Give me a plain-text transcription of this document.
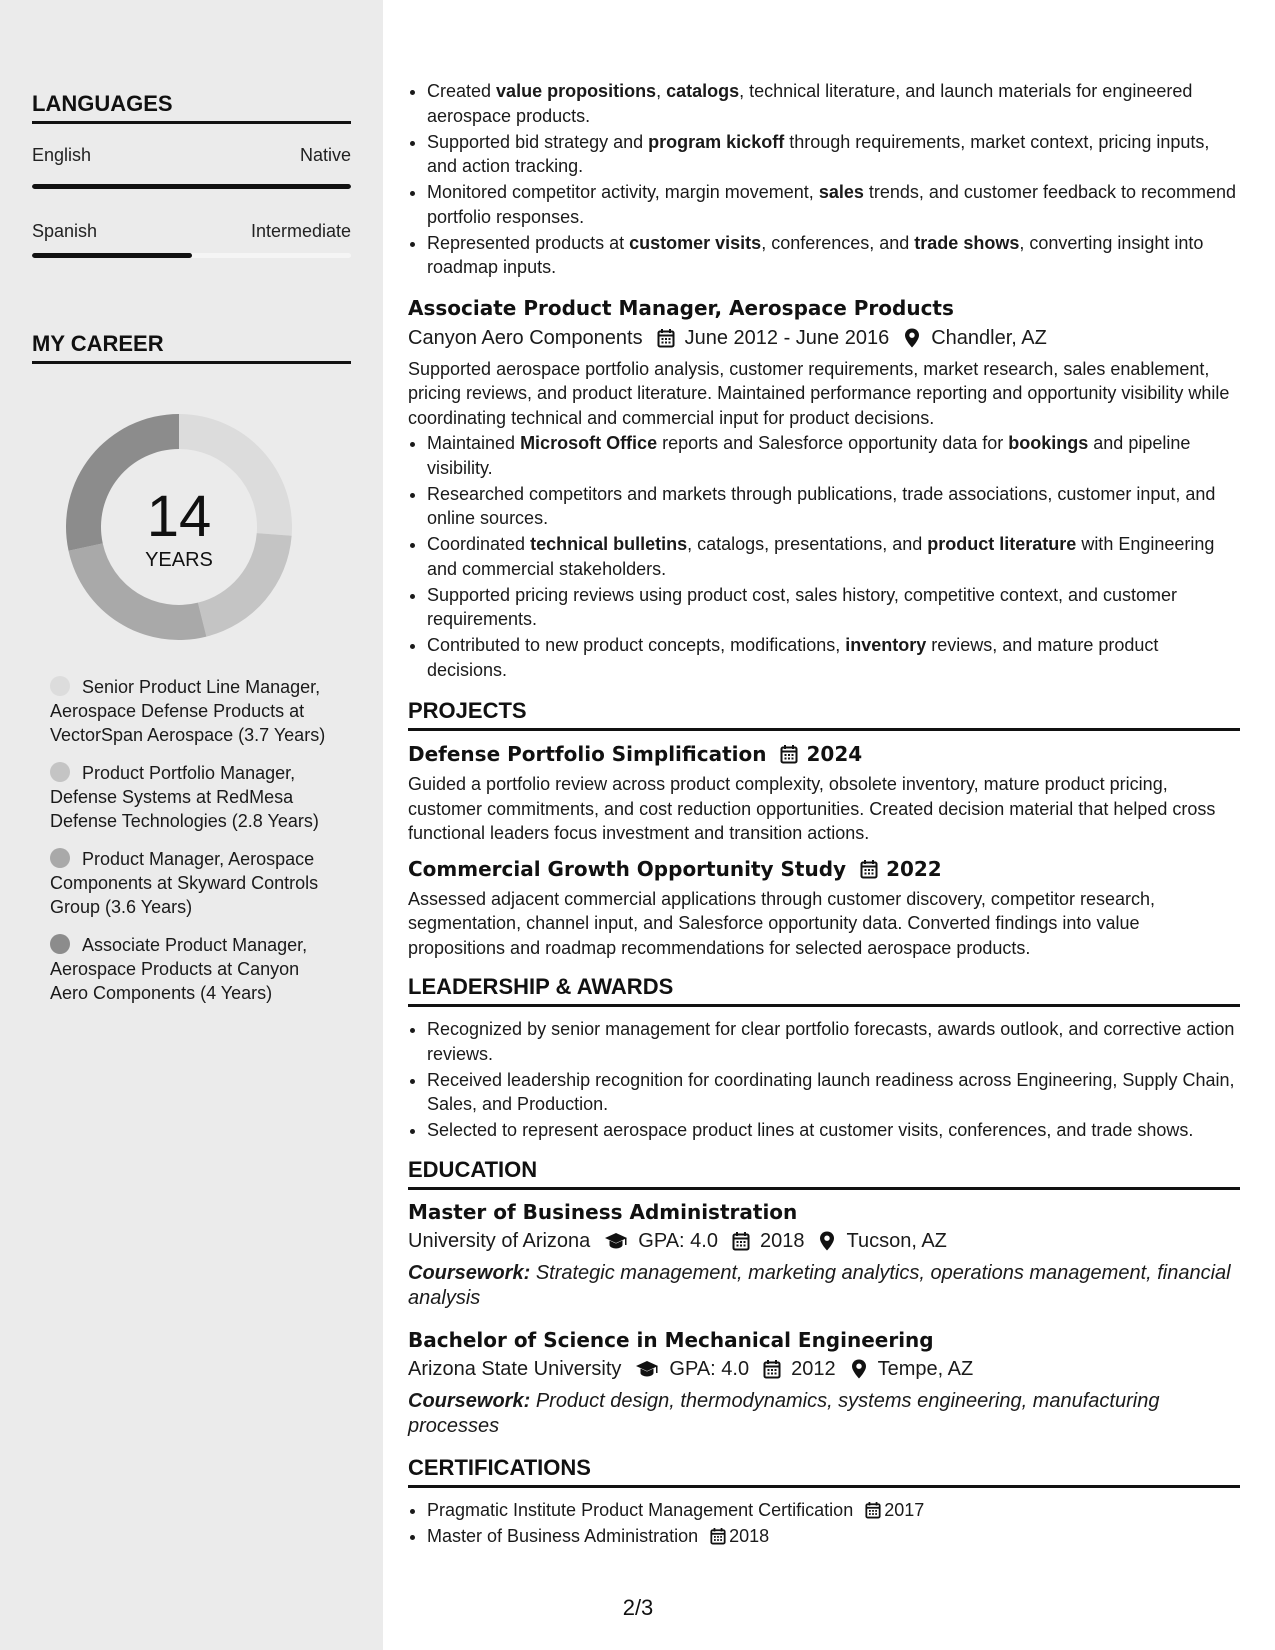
LANGUAGES
English	Native
Spanish	Intermediate
MY CAREER
14
YEARS
Senior Product Line Manager, Aerospace Defense Products at VectorSpan Aerospace (3.7 Years)
Product Portfolio Manager, Defense Systems at RedMesa Defense Technologies (2.8 Years)
Product Manager, Aerospace Components at Skyward Controls Group (3.6 Years)
Associate Product Manager, Aerospace Products at Canyon Aero Components (4 Years)
• Created value propositions, catalogs, technical literature, and launch materials for engineered aerospace products.
• Supported bid strategy and program kickoff through requirements, market context, pricing inputs, and action tracking.
• Monitored competitor activity, margin movement, sales trends, and customer feedback to recommend portfolio responses.
• Represented products at customer visits, conferences, and trade shows, converting insight into roadmap inputs.
Associate Product Manager, Aerospace Products
Canyon Aero Components June 2012 - June 2016 Chandler, AZ
Supported aerospace portfolio analysis, customer requirements, market research, sales enablement, pricing reviews, and product literature. Maintained performance reporting and opportunity visibility while coordinating technical and commercial input for product decisions.
• Maintained Microsoft Office reports and Salesforce opportunity data for bookings and pipeline visibility.
• Researched competitors and markets through publications, trade associations, customer input, and online sources.
• Coordinated technical bulletins, catalogs, presentations, and product literature with Engineering and commercial stakeholders.
• Supported pricing reviews using product cost, sales history, competitive context, and customer requirements.
• Contributed to new product concepts, modifications, inventory reviews, and mature product decisions.
PROJECTS
Defense Portfolio Simplification 2024
Guided a portfolio review across product complexity, obsolete inventory, mature product pricing, customer commitments, and cost reduction opportunities. Created decision material that helped cross functional leaders focus investment and transition actions.
Commercial Growth Opportunity Study 2022
Assessed adjacent commercial applications through customer discovery, competitor research, segmentation, channel input, and Salesforce opportunity data. Converted findings into value propositions and roadmap recommendations for selected aerospace products.
LEADERSHIP & AWARDS
• Recognized by senior management for clear portfolio forecasts, awards outlook, and corrective action reviews.
• Received leadership recognition for coordinating launch readiness across Engineering, Supply Chain, Sales, and Production.
• Selected to represent aerospace product lines at customer visits, conferences, and trade shows.
EDUCATION
Master of Business Administration
University of Arizona GPA: 4.0 2018 Tucson, AZ
Coursework: Strategic management, marketing analytics, operations management, financial analysis
Bachelor of Science in Mechanical Engineering
Arizona State University GPA: 4.0 2012 Tempe, AZ
Coursework: Product design, thermodynamics, systems engineering, manufacturing processes
CERTIFICATIONS
• Pragmatic Institute Product Management Certification 2017
• Master of Business Administration 2018
2/3
